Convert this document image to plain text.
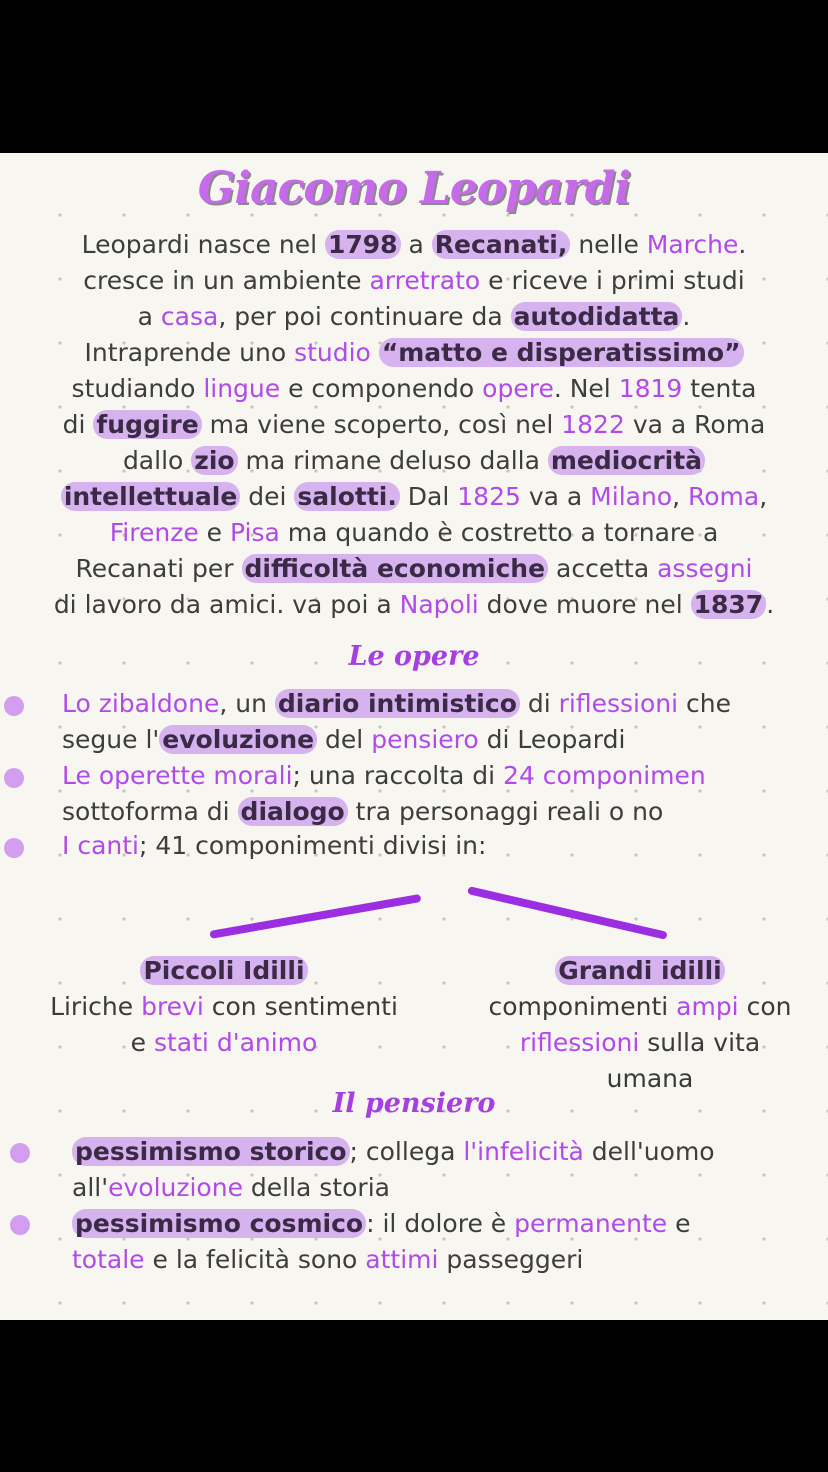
Giacomo Leopardi
Leopardi nasce nel 1798 a Recanati, nelle Marche.
cresce in un ambiente arretrato e riceve i primi studi
a casa, per poi continuare da autodidatta .
Intraprende uno studio “matto e disperatissimo”
studiando lingue e componendo opere. Nel 1819 tenta
di fuggire ma viene scoperto, così nel 1822 va a Roma
dallo zio ma rimane deluso dalla mediocrità
intellettuale dei salotti. Dal 1825 va a Milano, Roma,
Firenze e Pisa ma quando è costretto a tornare a
Recanati per difficoltà economiche accetta assegni
di lavoro da amici. va poi a Napoli dove muore nel 1837 .
Le opere
Lo zibaldone, un diario intimistico di riflessioni che
segue l' evoluzione del pensiero di Leopardi
Le operette morali; una raccolta di 24 componimen
sottoforma di dialogo tra personaggi reali o no
I canti; 41 componimenti divisi in:
Piccoli Idilli
Liriche brevi con sentimenti
e stati d'animo
Grandi idilli
componimenti ampi con
riflessioni sulla vita
umana
Il pensiero
pessimismo storico ; collega l'infelicità dell'uomo
all'evoluzione della storia
pessimismo cosmico : il dolore è permanente e
totale e la felicità sono attimi passeggeri
